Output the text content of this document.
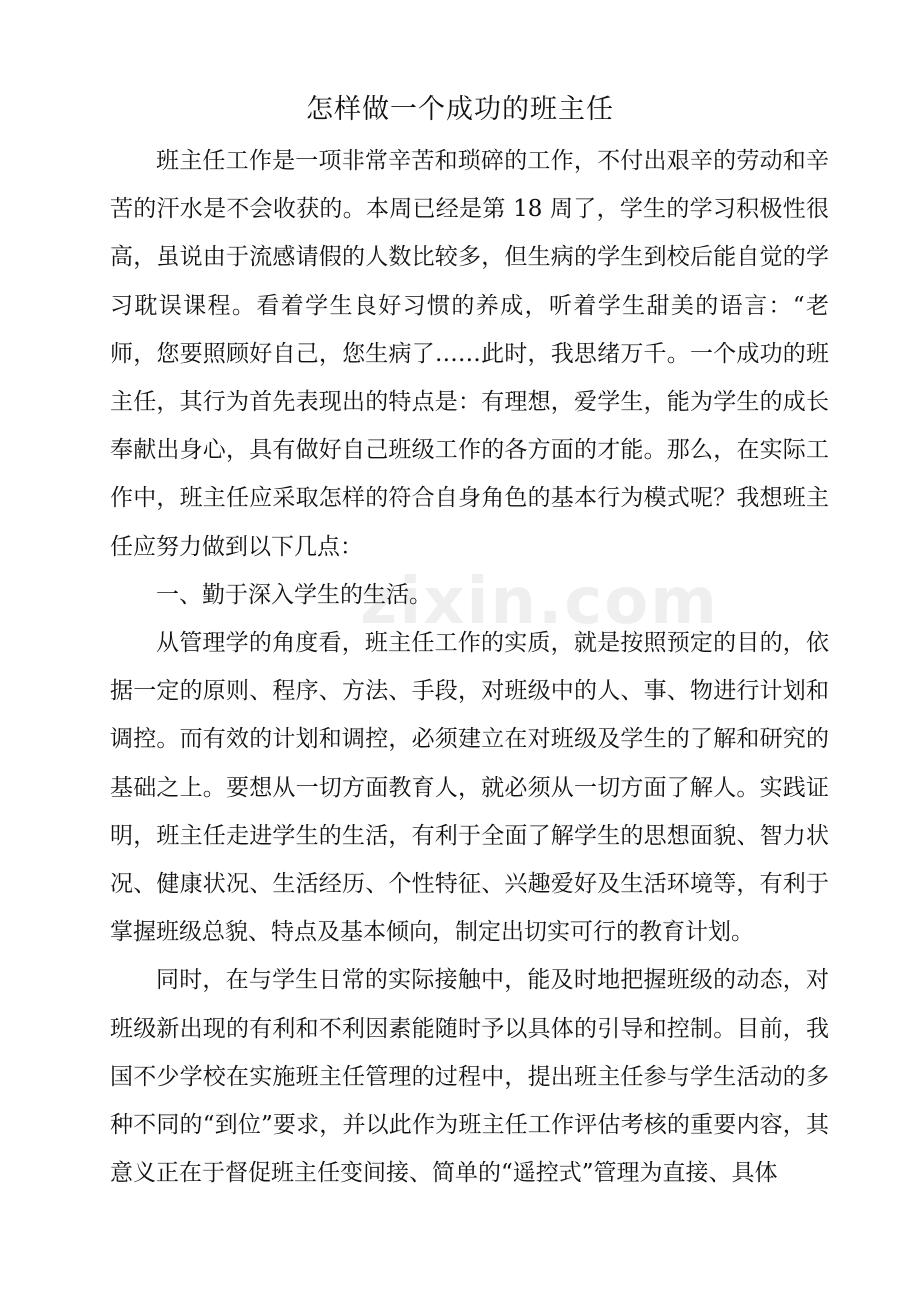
怎样做一个成功的班主任

班主任工作是一项非常辛苦和琐碎的工作，不付出艰辛的劳动和辛苦的汗水是不会收获的。本周已经是第 18 周了，学生的学习积极性很高，虽说由于流感请假的人数比较多，但生病的学生到校后能自觉的学习耽误课程。看着学生良好习惯的养成，听着学生甜美的语言：“老师，您要照顾好自己，您生病了……此时，我思绪万千。一个成功的班主任，其行为首先表现出的特点是：有理想，爱学生，能为学生的成长奉献出身心，具有做好自己班级工作的各方面的才能。那么，在实际工作中，班主任应采取怎样的符合自身角色的基本行为模式呢？我想班主任应努力做到以下几点：

一、勤于深入学生的生活。

从管理学的角度看，班主任工作的实质，就是按照预定的目的，依据一定的原则、程序、方法、手段，对班级中的人、事、物进行计划和调控。而有效的计划和调控，必须建立在对班级及学生的了解和研究的基础之上。要想从一切方面教育人，就必须从一切方面了解人。实践证明，班主任走进学生的生活，有利于全面了解学生的思想面貌、智力状况、健康状况、生活经历、个性特征、兴趣爱好及生活环境等，有利于掌握班级总貌、特点及基本倾向，制定出切实可行的教育计划。

同时，在与学生日常的实际接触中，能及时地把握班级的动态，对班级新出现的有利和不利因素能随时予以具体的引导和控制。目前，我国不少学校在实施班主任管理的过程中，提出班主任参与学生活动的多种不同的“到位”要求，并以此作为班主任工作评估考核的重要内容，其意义正在于督促班主任变间接、简单的“遥控式”管理为直接、具体

zixin.com
